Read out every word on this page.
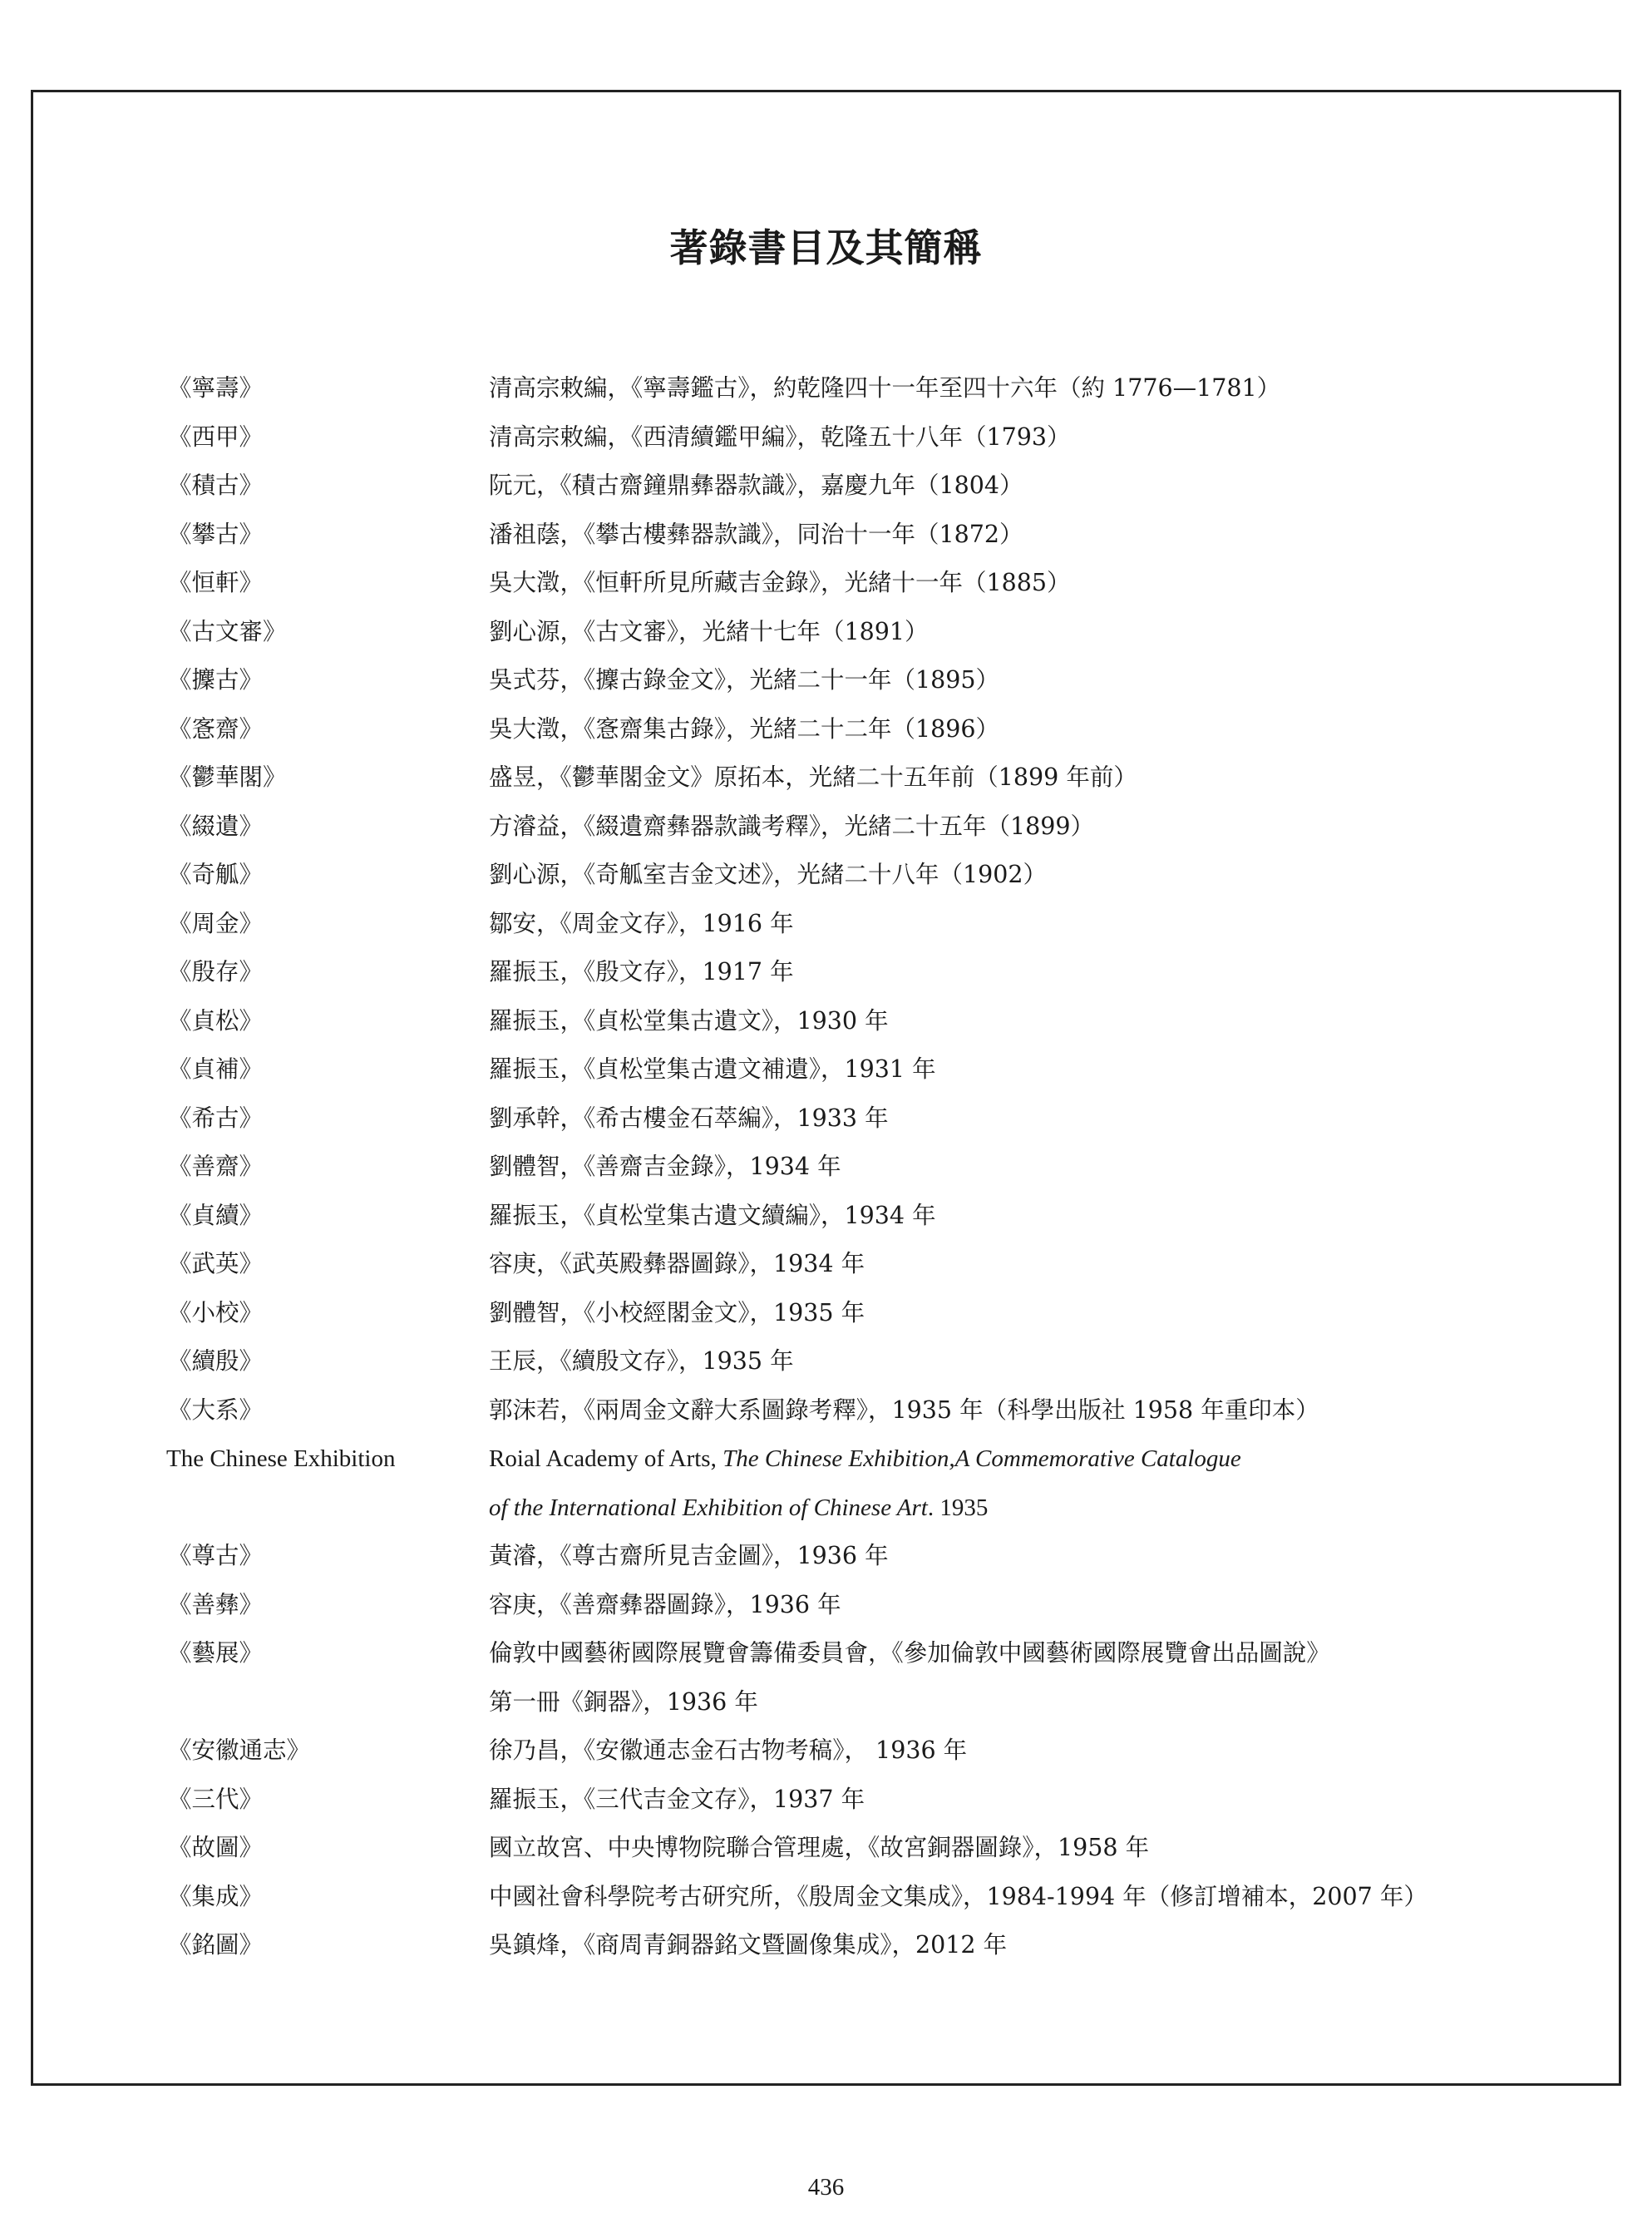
著錄書目及其簡稱
《寧壽》	清高宗敕編，《寧壽鑑古》，約乾隆四十一年至四十六年（約 1776—1781）
《西甲》	清高宗敕編，《西清續鑑甲編》，乾隆五十八年（1793）
《積古》	阮元，《積古齋鐘鼎彝器款識》，嘉慶九年（1804）
《攀古》	潘祖蔭，《攀古樓彝器款識》，同治十一年（1872）
《恒軒》	吳大澂，《恒軒所見所藏吉金錄》，光緒十一年（1885）
《古文審》	劉心源，《古文審》，光緒十七年（1891）
《攈古》	吳式芬，《攈古錄金文》，光緒二十一年（1895）
《愙齋》	吳大澂，《愙齋集古錄》，光緒二十二年（1896）
《鬱華閣》	盛昱，《鬱華閣金文》原拓本，光緒二十五年前（1899 年前）
《綴遺》	方濬益，《綴遺齋彝器款識考釋》，光緒二十五年（1899）
《奇觚》	劉心源，《奇觚室吉金文述》，光緒二十八年（1902）
《周金》	鄒安，《周金文存》，1916 年
《殷存》	羅振玉，《殷文存》，1917 年
《貞松》	羅振玉，《貞松堂集古遺文》，1930 年
《貞補》	羅振玉，《貞松堂集古遺文補遺》，1931 年
《希古》	劉承幹，《希古樓金石萃編》，1933 年
《善齋》	劉體智，《善齋吉金錄》，1934 年
《貞續》	羅振玉，《貞松堂集古遺文續編》，1934 年
《武英》	容庚，《武英殿彝器圖錄》，1934 年
《小校》	劉體智，《小校經閣金文》，1935 年
《續殷》	王辰，《續殷文存》，1935 年
《大系》	郭沫若，《兩周金文辭大系圖錄考釋》，1935 年（科學出版社 1958 年重印本）
The Chinese Exhibition	Roial Academy of Arts, The Chinese Exhibition,A Commemorative Catalogue
of the International Exhibition of Chinese Art. 1935
《尊古》	黃濬，《尊古齋所見吉金圖》，1936 年
《善彝》	容庚，《善齋彝器圖錄》，1936 年
《藝展》	倫敦中國藝術國際展覽會籌備委員會，《參加倫敦中國藝術國際展覽會出品圖說》
第一冊《銅器》，1936 年
《安徽通志》	徐乃昌，《安徽通志金石古物考稿》， 1936 年
《三代》	羅振玉，《三代吉金文存》，1937 年
《故圖》	國立故宮、中央博物院聯合管理處，《故宮銅器圖錄》，1958 年
《集成》	中國社會科學院考古研究所，《殷周金文集成》，1984-1994 年（修訂增補本，2007 年）
《銘圖》	吳鎮烽，《商周青銅器銘文暨圖像集成》，2012 年
436
